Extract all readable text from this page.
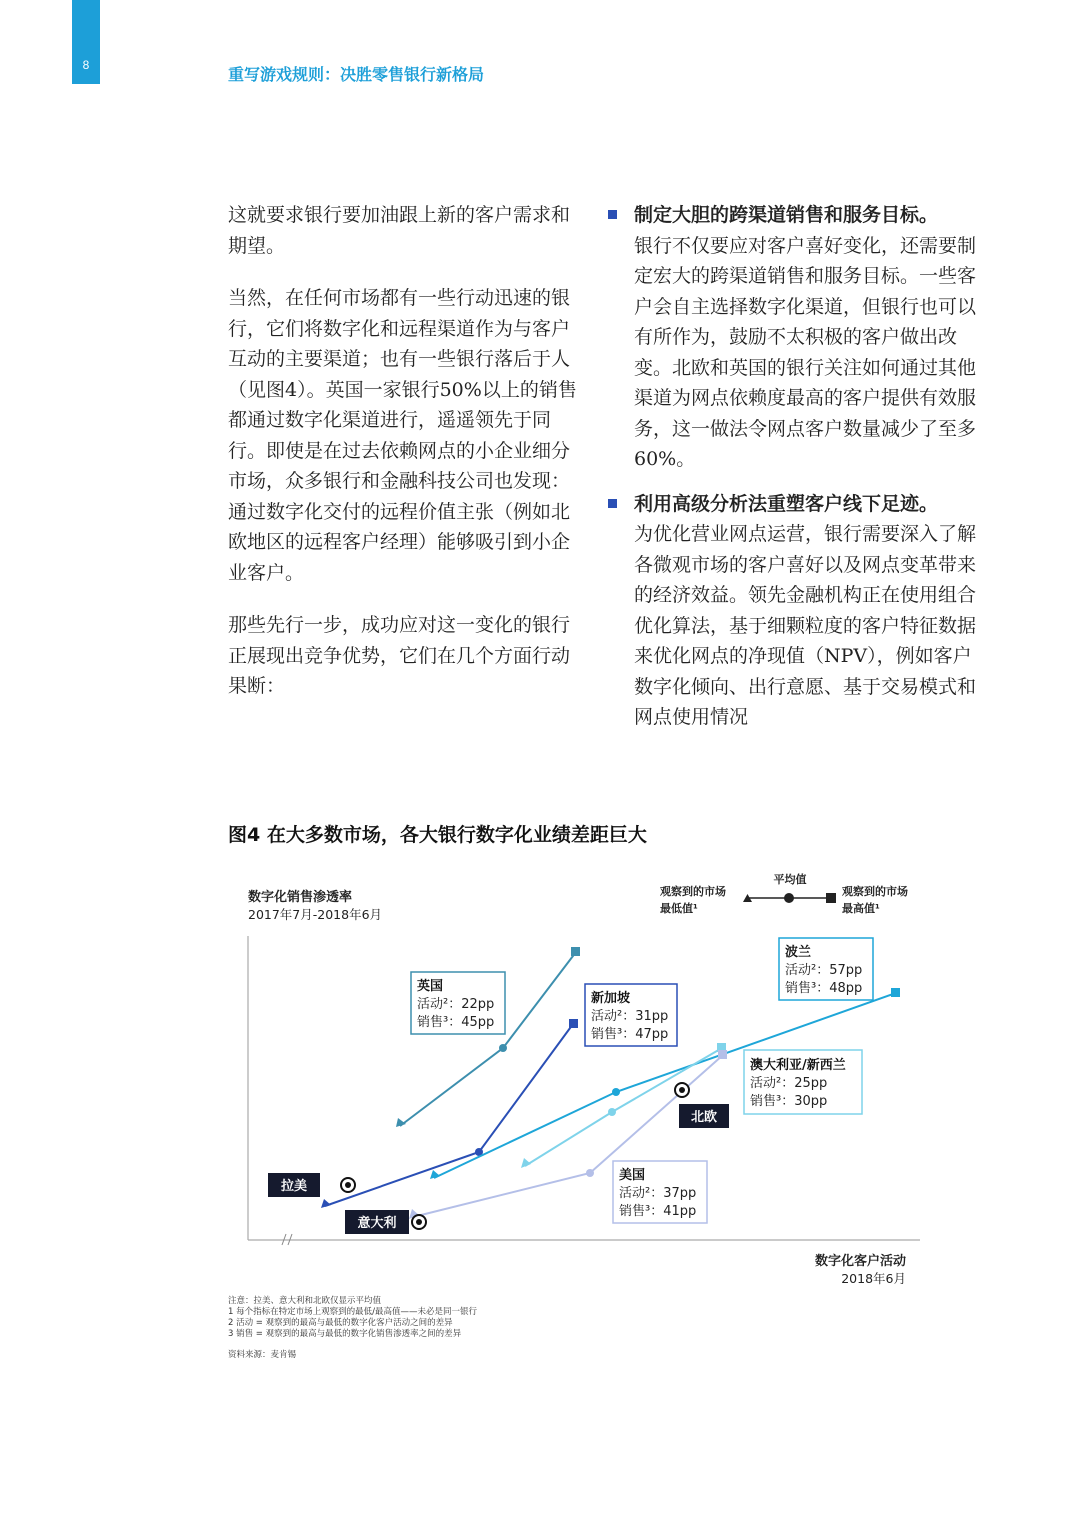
8	重写游戏规则：决胜零售银行新格局

这就要求银行要加油跟上新的客户需求和期望。

当然，在任何市场都有一些行动迅速的银行，它们将数字化和远程渠道作为与客户互动的主要渠道；也有一些银行落后于人（见图4）。英国一家银行50%以上的销售都通过数字化渠道进行，遥遥领先于同行。即使是在过去依赖网点的小企业细分市场，众多银行和金融科技公司也发现：通过数字化交付的远程价值主张（例如北欧地区的远程客户经理）能够吸引到小企业客户。

那些先行一步，成功应对这一变化的银行正展现出竞争优势，它们在几个方面行动果断：

制定大胆的跨渠道销售和服务目标。
银行不仅要应对客户喜好变化，还需要制定宏大的跨渠道销售和服务目标。一些客户会自主选择数字化渠道，但银行也可以有所作为，鼓励不太积极的客户做出改变。北欧和英国的银行关注如何通过其他渠道为网点依赖度最高的客户提供有效服务，这一做法令网点客户数量减少了至多60%。
利用高级分析法重塑客户线下足迹。
为优化营业网点运营，银行需要深入了解各微观市场的客户喜好以及网点变革带来的经济效益。领先金融机构正在使用组合优化算法，基于细颗粒度的客户特征数据来优化网点的净现值（NPV），例如客户数字化倾向、出行意愿、基于交易模式和网点使用情况
图4 在大多数市场，各大银行数字化业绩差距巨大
数字化销售渗透率
2017年7月-2018年6月
数字化客户活动
2018年6月
平均值
观察到的市场
最低值¹
观察到的市场
最高值¹
拉美
意大利
北欧
英国
活动²：22pp
销售³：45pp
新加坡
活动²：31pp
销售³：47pp
波兰
活动²：57pp
销售³：48pp
澳大利亚/新西兰
活动²：25pp
销售³：30pp
美国
活动²：37pp
销售³：41pp
注意：拉美、意大利和北欧仅显示平均值
1 每个指标在特定市场上观察到的最低/最高值——未必是同一银行
2 活动 = 观察到的最高与最低的数字化客户活动之间的差异
3 销售 = 观察到的最高与最低的数字化销售渗透率之间的差异
资料来源：麦肯锡
